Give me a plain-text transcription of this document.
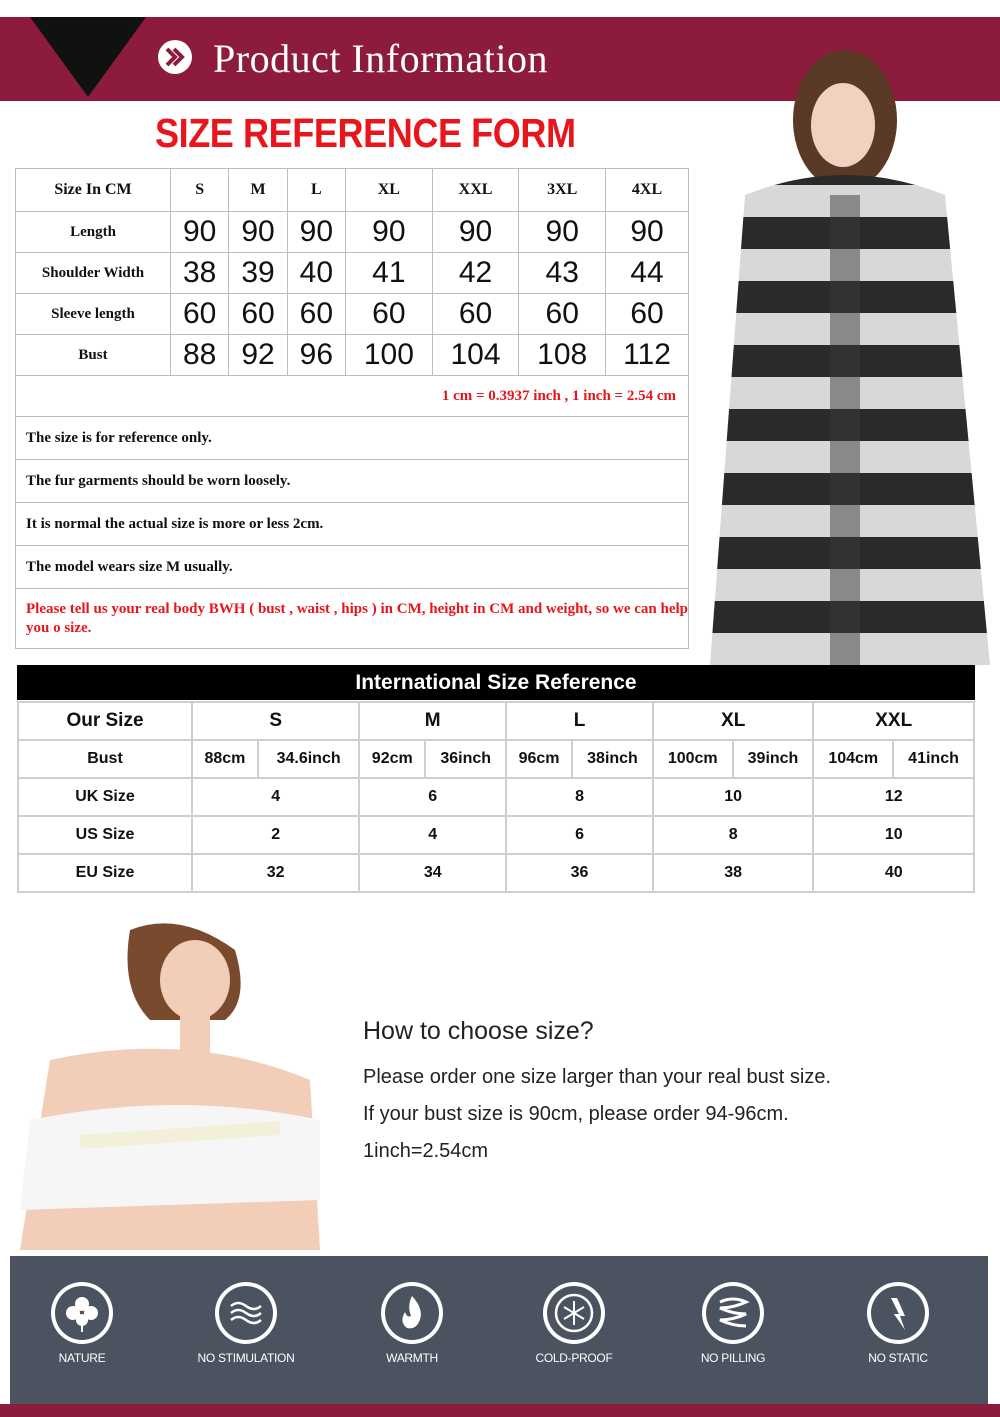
Product Information
SIZE REFERENCE FORM
Size In CM	S	M	L	XL	XXL	3XL	4XL
Length	90	90	90	90	90	90	90
Shoulder Width	38	39	40	41	42	43	44
Sleeve length	60	60	60	60	60	60	60
Bust	88	92	96	100	104	108	112
1 cm = 0.3937 inch , 1 inch = 2.54 cm							
The size is for reference only.							
The fur garments should be worn loosely.							
It is normal the actual size is more or less 2cm.							
The model wears size M usually.							
Please tell us your real body BWH ( bust , waist , hips ) in CM, height in CM and weight, so we can help you o size.							
International Size Reference
Our Size	S		M		L		XL		XXL	
Bust	88cm	34.6inch	92cm	36inch	96cm	38inch	100cm	39inch	104cm	41inch
UK Size	4		6		8		10		12	
US Size	2		4		6		8		10	
EU Size	32		34		36		38		40	
How to choose size?
Please order one size larger than your real bust size.
If your bust size is 90cm, please order 94-96cm.
1inch=2.54cm
NATURE	NO STIMULATION	WARMTH	COLD-PROOF	NO PILLING	NO STATIC
